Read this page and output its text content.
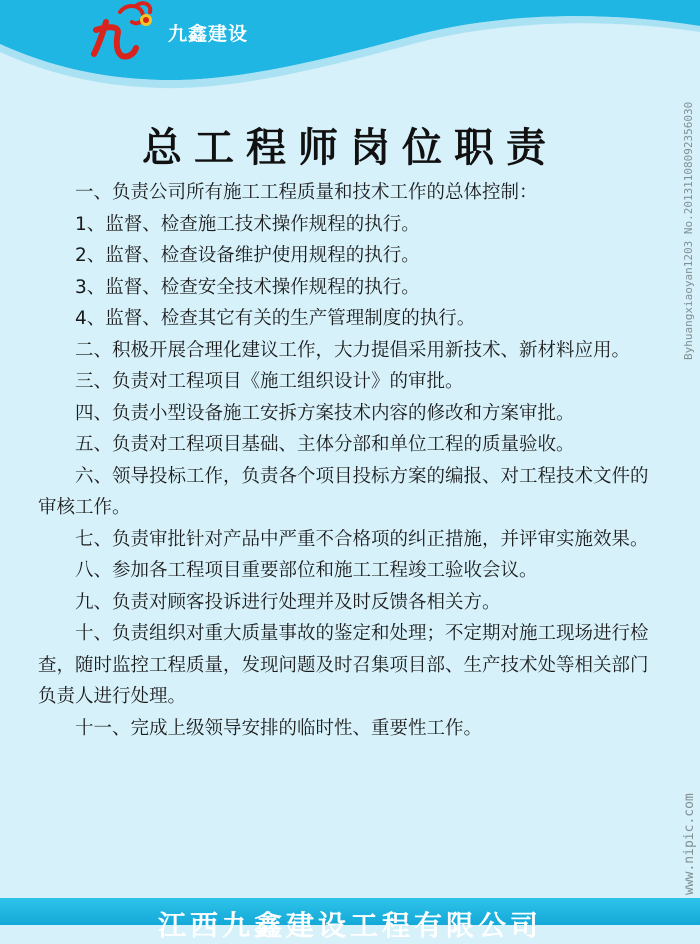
九鑫建设
总工程师岗位职责

一、负责公司所有施工工程质量和技术工作的总体控制：

1、监督、检查施工技术操作规程的执行。

2、监督、检查设备维护使用规程的执行。

3、监督、检查安全技术操作规程的执行。

4、监督、检查其它有关的生产管理制度的执行。

二、积极开展合理化建议工作，大力提倡采用新技术、新材料应用。

三、负责对工程项目《施工组织设计》的审批。

四、负责小型设备施工安拆方案技术内容的修改和方案审批。

五、负责对工程项目基础、主体分部和单位工程的质量验收。

六、领导投标工作，负责各个项目投标方案的编报、对工程技术文件的审核工作。

七、负责审批针对产品中严重不合格项的纠正措施，并评审实施效果。

八、参加各工程项目重要部位和施工工程竣工验收会议。

九、负责对顾客投诉进行处理并及时反馈各相关方。

十、负责组织对重大质量事故的鉴定和处理；不定期对施工现场进行检查，随时监控工程质量，发现问题及时召集项目部、生产技术处等相关部门负责人进行处理。

十一、完成上级领导安排的临时性、重要性工作。

Byhuangxiaoyan1203 No.20131108092356030
www.nipic.com
江西九鑫建设工程有限公司
